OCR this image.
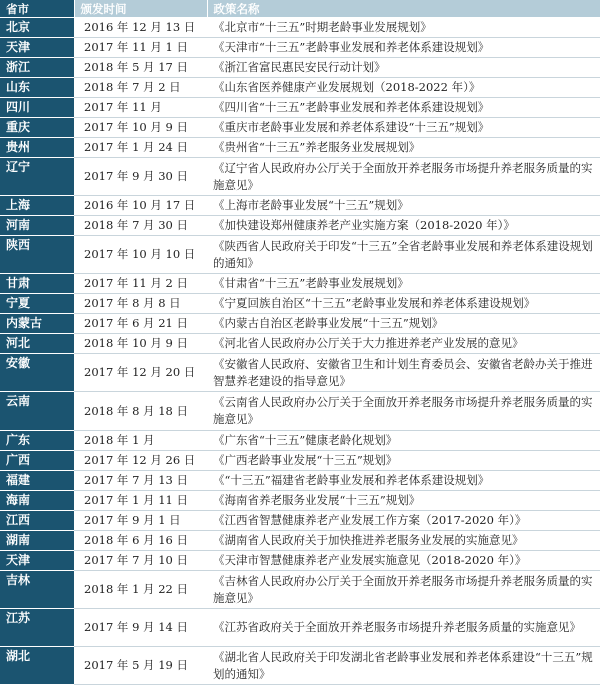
省市	颁发时间	政策名称
北京	2016 年 12 月 13 日	《北京市“十三五”时期老龄事业发展规划》
天津	2017 年 11 月 1 日	《天津市“十三五”老龄事业发展和养老体系建设规划》
浙江	2018 年 5 月 17 日	《浙江省富民惠民安民行动计划》
山东	2018 年 7 月 2 日	《山东省医养健康产业发展规划（2018-2022 年）》
四川	2017 年 11 月	《四川省“十三五”老龄事业发展和养老体系建设规划》
重庆	2017 年 10 月 9 日	《重庆市老龄事业发展和养老体系建设“十三五”规划》
贵州	2017 年 1 月 24 日	《贵州省“十三五”养老服务业发展规划》
辽宁	2017 年 9 月 30 日	《辽宁省人民政府办公厅关于全面放开养老服务市场提升养老服务质量的实施意见》
上海	2016 年 10 月 17 日	《上海市老龄事业发展“十三五”规划》
河南	2018 年 7 月 30 日	《加快建设郑州健康养老产业实施方案（2018-2020 年）》
陕西	2017 年 10 月 10 日	《陕西省人民政府关于印发“十三五”全省老龄事业发展和养老体系建设规划的通知》
甘肃	2017 年 11 月 2 日	《甘肃省“十三五”老龄事业发展规划》
宁夏	2017 年 8 月 8 日	《宁夏回族自治区“十三五”老龄事业发展和养老体系建设规划》
内蒙古	2017 年 6 月 21 日	《内蒙古自治区老龄事业发展“十三五”规划》
河北	2018 年 10 月 9 日	《河北省人民政府办公厅关于大力推进养老产业发展的意见》
安徽	2017 年 12 月 20 日	《安徽省人民政府、安徽省卫生和计划生育委员会、安徽省老龄办关于推进智慧养老建设的指导意见》
云南	2018 年 8 月 18 日	《云南省人民政府办公厅关于全面放开养老服务市场提升养老服务质量的实施意见》
广东	2018 年 1 月	《广东省“十三五”健康老龄化规划》
广西	2017 年 12 月 26 日	《广西老龄事业发展“十三五”规划》
福建	2017 年 7 月 13 日	《“十三五”福建省老龄事业发展和养老体系建设规划》
海南	2017 年 1 月 11 日	《海南省养老服务业发展“十三五”规划》
江西	2017 年 9 月 1 日	《江西省智慧健康养老产业发展工作方案（2017-2020 年）》
湖南	2018 年 6 月 16 日	《湖南省人民政府关于加快推进养老服务业发展的实施意见》
天津	2017 年 7 月 10 日	《天津市智慧健康养老产业发展实施意见（2018-2020 年）》
吉林	2018 年 1 月 22 日	《吉林省人民政府办公厅关于全面放开养老服务市场提升养老服务质量的实施意见》
江苏	2017 年 9 月 14 日	《江苏省政府关于全面放开养老服务市场提升养老服务质量的实施意见》
湖北	2017 年 5 月 19 日	《湖北省人民政府关于印发湖北省老龄事业发展和养老体系建设“十三五”规划的通知》
